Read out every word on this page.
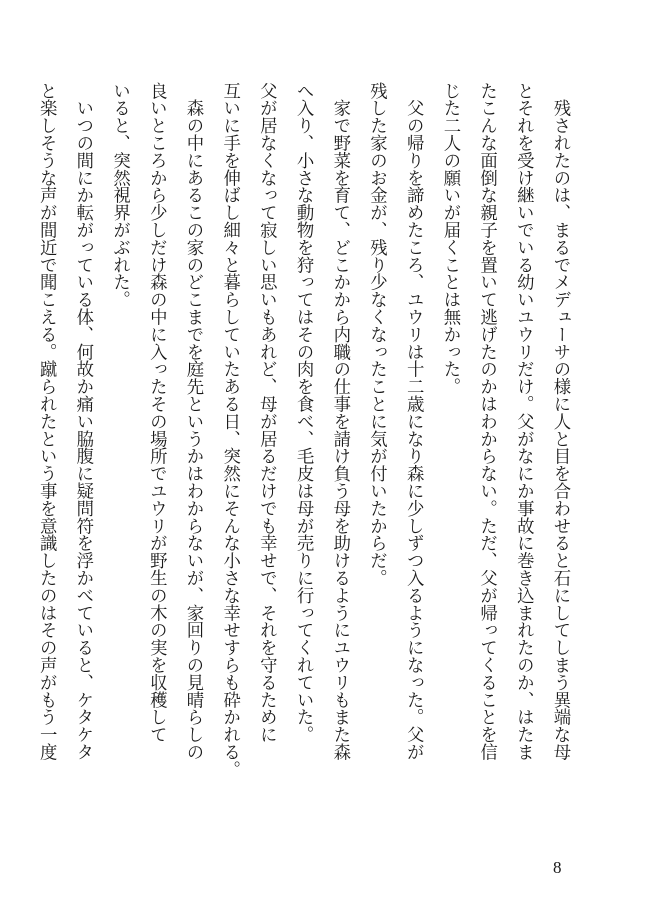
　残されたのは、まるでメデューサの様に人と目を合わせると石にしてしまう異端な母
とそれを受け継いでいる幼いユウリだけ。父がなにか事故に巻き込まれたのか、はたま
たこんな面倒な親子を置いて逃げたのかはわからない。ただ、父が帰ってくることを信
じた二人の願いが届くことは無かった。
　父の帰りを諦めたころ、ユウリは十二歳になり森に少しずつ入るようになった。父が
残した家のお金が、残り少なくなったことに気が付いたからだ。
　家で野菜を育て、どこかから内職の仕事を請け負う母を助けるようにユウリもまた森
へ入り、小さな動物を狩ってはその肉を食べ、毛皮は母が売りに行ってくれていた。
父が居なくなって寂しい思いもあれど、母が居るだけでも幸せで、それを守るために
互いに手を伸ばし細々と暮らしていたある日、突然にそんな小さな幸せすらも砕かれる。
　森の中にあるこの家のどこまでを庭先というかはわからないが、家回りの見晴らしの
良いところから少しだけ森の中に入ったその場所でユウリが野生の木の実を収穫して
いると、突然視界がぶれた。
　いつの間にか転がっている体、何故か痛い脇腹に疑問符を浮かべていると、ケタケタ
と楽しそうな声が間近で聞こえる。蹴られたという事を意識したのはその声がもう一度
8
